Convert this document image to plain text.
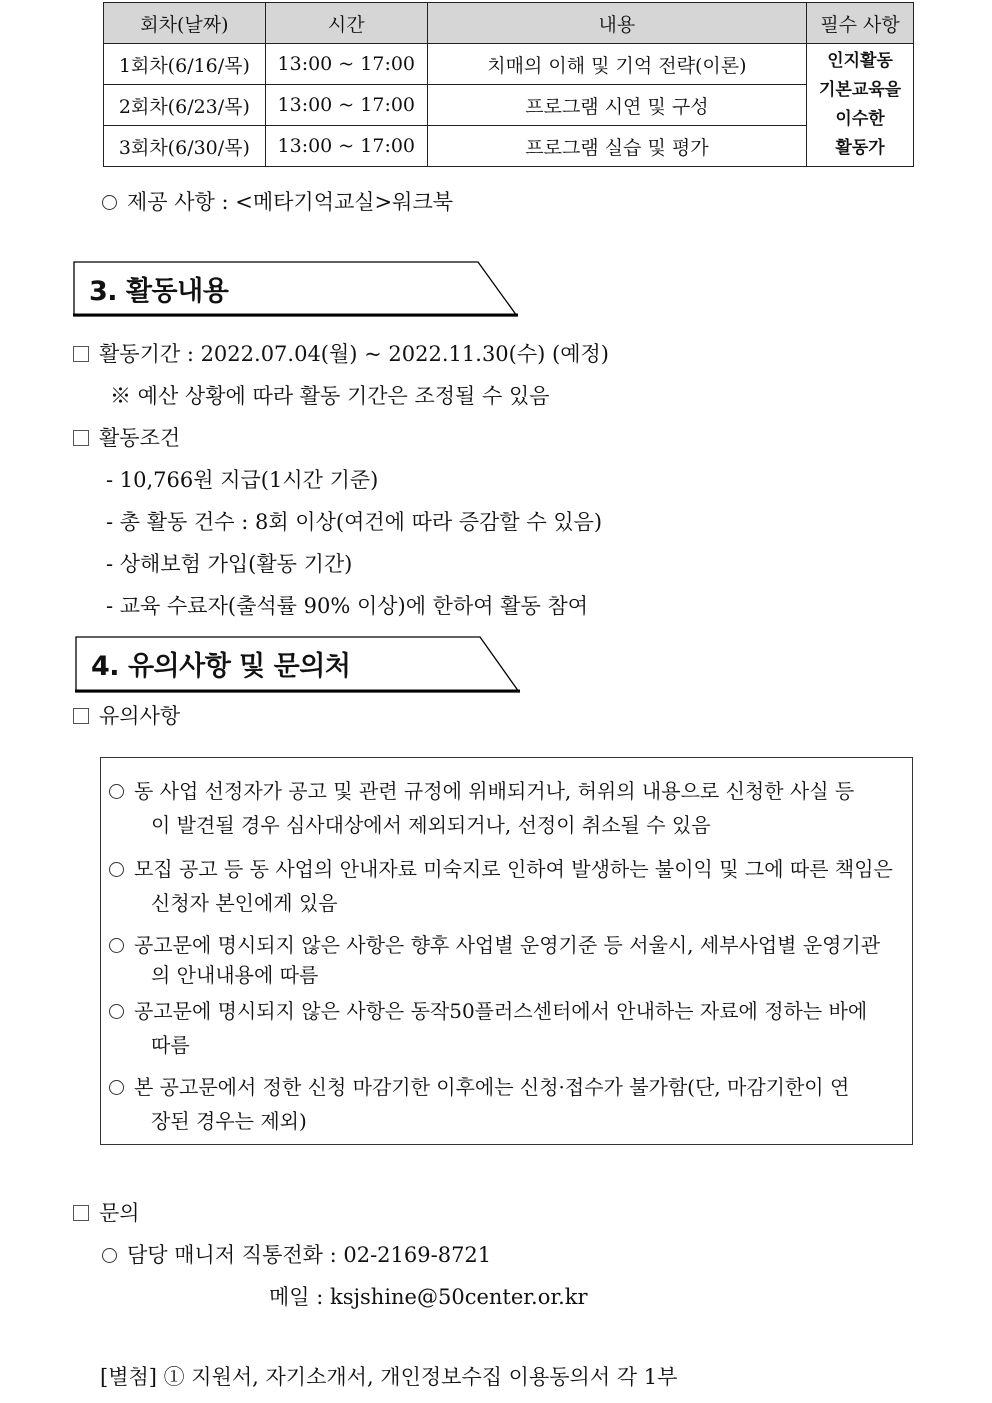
회차(날짜)	시간	내용	필수 사항
1회차(6/16/목)	13:00 ~ 17:00	치매의 이해 및 기억 전략(이론)	인지활동
기본교육을
이수한
활동가

2회차(6/23/목)	13:00 ~ 17:00	프로그램 시연 및 구성	
3회차(6/30/목)	13:00 ~ 17:00	프로그램 실습 및 평가	
제공 사항 : <메타기억교실>워크북
3. 활동내용
활동기간 : 2022.07.04(월) ~ 2022.11.30(수) (예정)
※ 예산 상황에 따라 활동 기간은 조정될 수 있음
활동조건
- 10,766원 지급(1시간 기준)
- 총 활동 건수 : 8회 이상(여건에 따라 증감할 수 있음)
- 상해보험 가입(활동 기간)
- 교육 수료자(출석률 90% 이상)에 한하여 활동 참여
4. 유의사항 및 문의처
유의사항
동 사업 선정자가 공고 및 관련 규정에 위배되거나, 허위의 내용으로 신청한 사실 등
이 발견될 경우 심사대상에서 제외되거나, 선정이 취소될 수 있음
모집 공고 등 동 사업의 안내자료 미숙지로 인하여 발생하는 불이익 및 그에 따른 책임은
신청자 본인에게 있음
공고문에 명시되지 않은 사항은 향후 사업별 운영기준 등 서울시, 세부사업별 운영기관
의 안내내용에 따름
공고문에 명시되지 않은 사항은 동작50플러스센터에서 안내하는 자료에 정하는 바에
따름
본 공고문에서 정한 신청 마감기한 이후에는 신청·접수가 불가함(단, 마감기한이 연
장된 경우는 제외)
문의
담당 매니저 직통전화 : 02-2169-8721
메일 : ksjshine@50center.or.kr
[별첨] ① 지원서, 자기소개서, 개인정보수집 이용동의서 각 1부
